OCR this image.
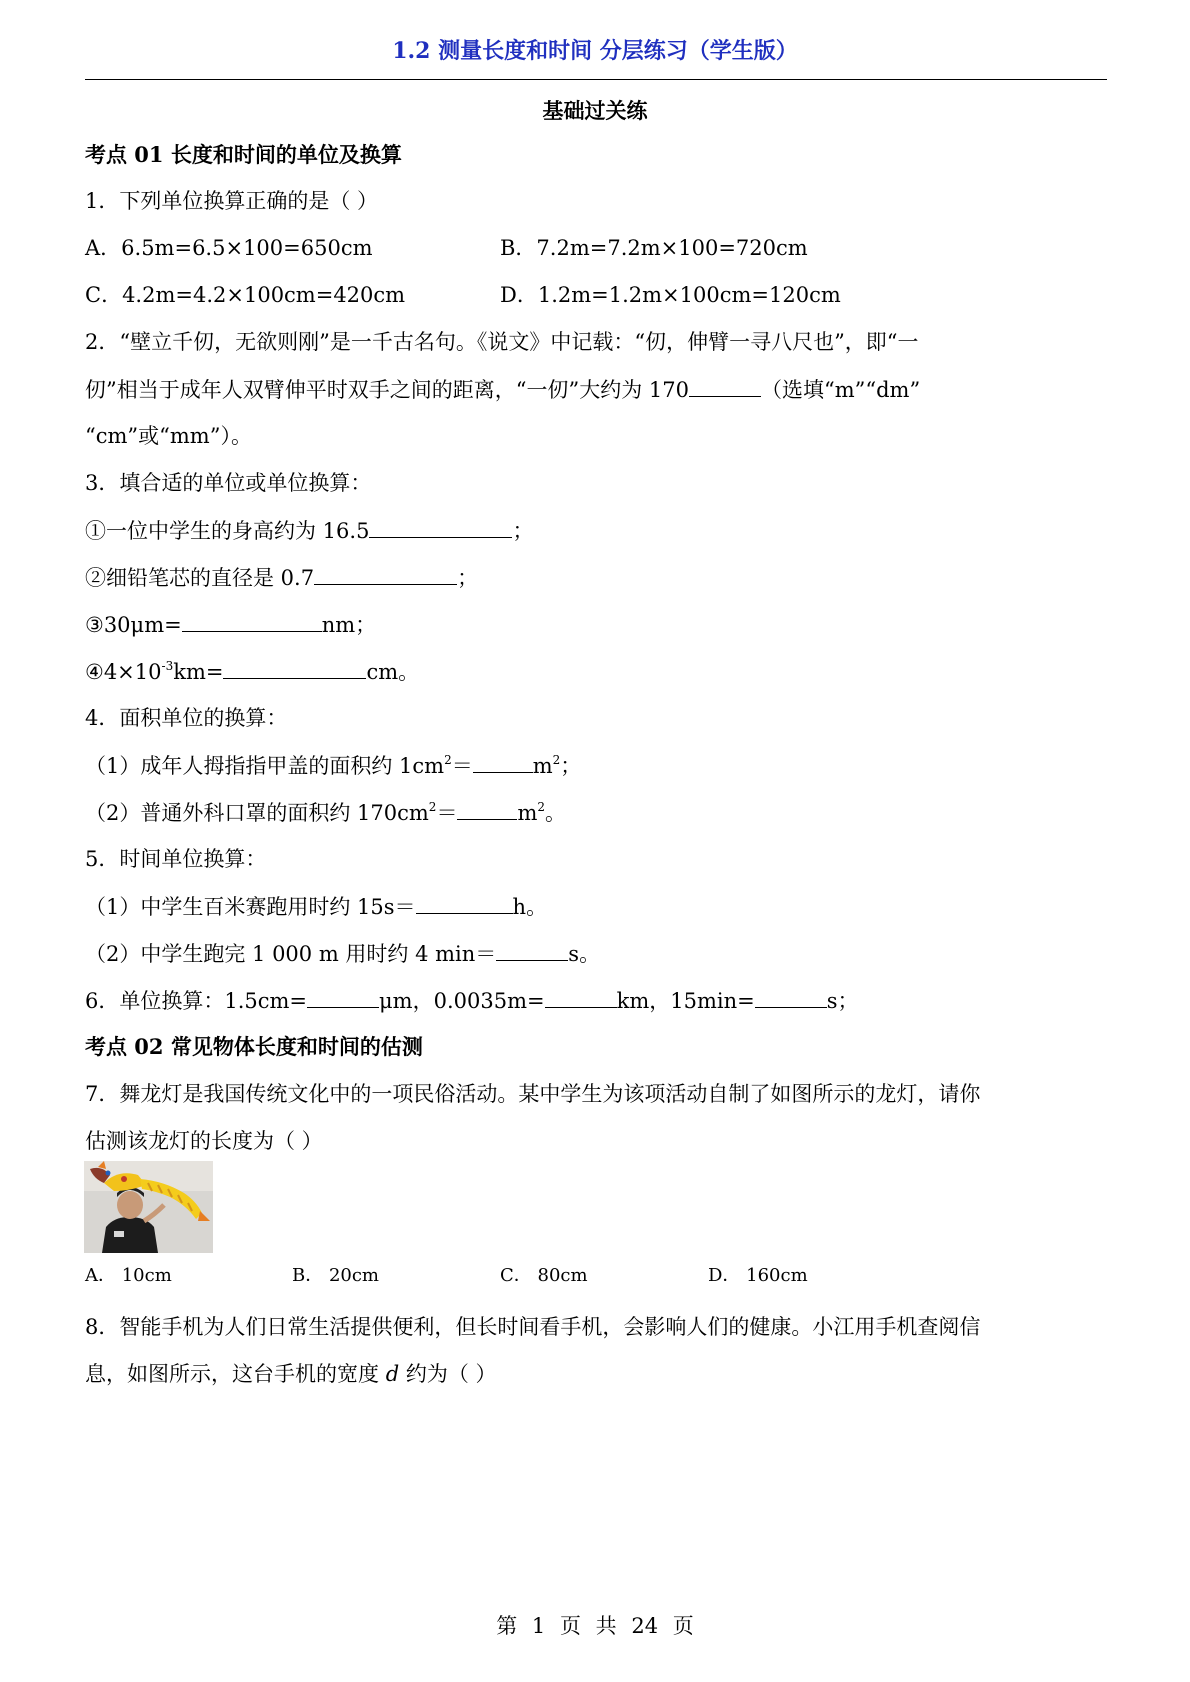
1.2 测量长度和时间 分层练习（学生版）
基础过关练
考点 01 长度和时间的单位及换算
1．下列单位换算正确的是（ ）
A．6.5m=6.5×100=650cm	B．7.2m=7.2m×100=720cm
C．4.2m=4.2×100cm=420cm	D．1.2m=1.2m×100cm=120cm
2．“壁立千仞，无欲则刚”是一千古名句。《说文》中记载：“仞，伸臂一寻八尺也”，即“一
仞”相当于成年人双臂伸平时双手之间的距离，“一仞”大约为 170	（选填“m”“dm”
“cm”或“mm”）。
3．填合适的单位或单位换算：
①一位中学生的身高约为 16.5	；
②细铅笔芯的直径是 0.7	；
③30μm=	nm；
$④4\times 10^{-3}km=$	cm。
4．面积单位的换算：
（1）成年人拇指指甲盖的面积约 $1cm^2=$	$m^2$；
（2）普通外科口罩的面积约 $170cm^2=$	$m^2$。
5．时间单位换算：
（1）中学生百米赛跑用时约 15s＝	h。
（2）中学生跑完 1 000 m 用时约 4 min＝	s。
6．单位换算：1.5cm=	μm，0.0035m=	km，15min=	s；
考点 02 常见物体长度和时间的估测
7．舞龙灯是我国传统文化中的一项民俗活动。某中学生为该项活动自制了如图所示的龙灯，请你
估测该龙灯的长度为（ ）
A． 10cm	B． 20cm	C． 80cm	D． 160cm
8．智能手机为人们日常生活提供便利，但长时间看手机，会影响人们的健康。小江用手机查阅信
息，如图所示，这台手机的宽度 d 约为（ ）
第 1 页 共 24 页
